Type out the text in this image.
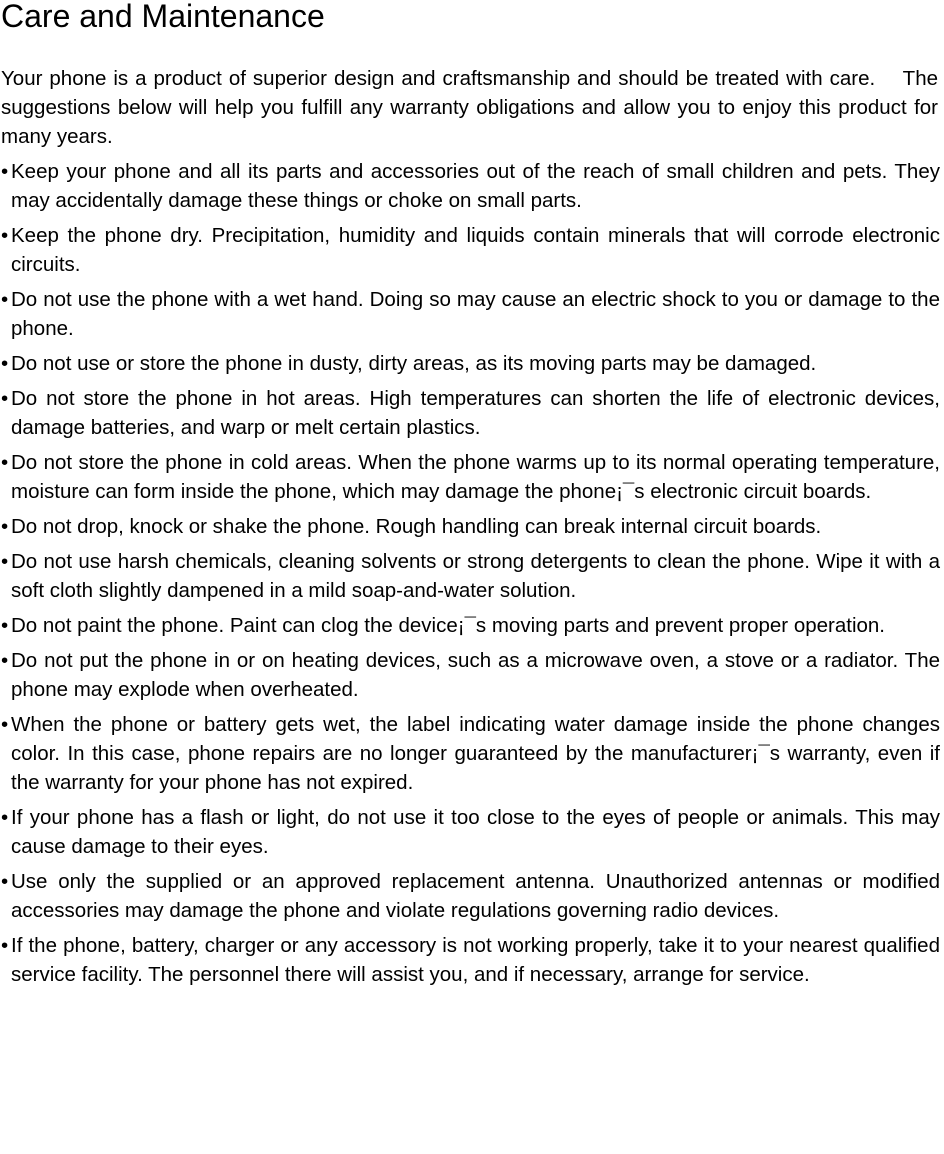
Care and Maintenance

Your phone is a product of superior design and craftsmanship and should be treated with care.    The suggestions below will help you fulfill any warranty obligations and allow you to enjoy this product for many years.

• Keep your phone and all its parts and accessories out of the reach of small children and pets. They may accidentally damage these things or choke on small parts.
• Keep the phone dry. Precipitation, humidity and liquids contain minerals that will corrode electronic circuits.
• Do not use the phone with a wet hand. Doing so may cause an electric shock to you or damage to the phone.
• Do not use or store the phone in dusty, dirty areas, as its moving parts may be damaged.
• Do not store the phone in hot areas. High temperatures can shorten the life of electronic devices, damage batteries, and warp or melt certain plastics.
• Do not store the phone in cold areas. When the phone warms up to its normal operating temperature, moisture can form inside the phone, which may damage the phone¡¯s electronic circuit boards.
• Do not drop, knock or shake the phone. Rough handling can break internal circuit boards.
• Do not use harsh chemicals, cleaning solvents or strong detergents to clean the phone. Wipe it with a soft cloth slightly dampened in a mild soap-and-water solution.
• Do not paint the phone. Paint can clog the device¡¯s moving parts and prevent proper operation.
• Do not put the phone in or on heating devices, such as a microwave oven, a stove or a radiator. The phone may explode when overheated.
• When the phone or battery gets wet, the label indicating water damage inside the phone changes color. In this case, phone repairs are no longer guaranteed by the manufacturer¡¯s warranty, even if the warranty for your phone has not expired.
• If your phone has a flash or light, do not use it too close to the eyes of people or animals. This may cause damage to their eyes.
• Use only the supplied or an approved replacement antenna. Unauthorized antennas or modified accessories may damage the phone and violate regulations governing radio devices.
• If the phone, battery, charger or any accessory is not working properly, take it to your nearest qualified service facility. The personnel there will assist you, and if necessary, arrange for service.
